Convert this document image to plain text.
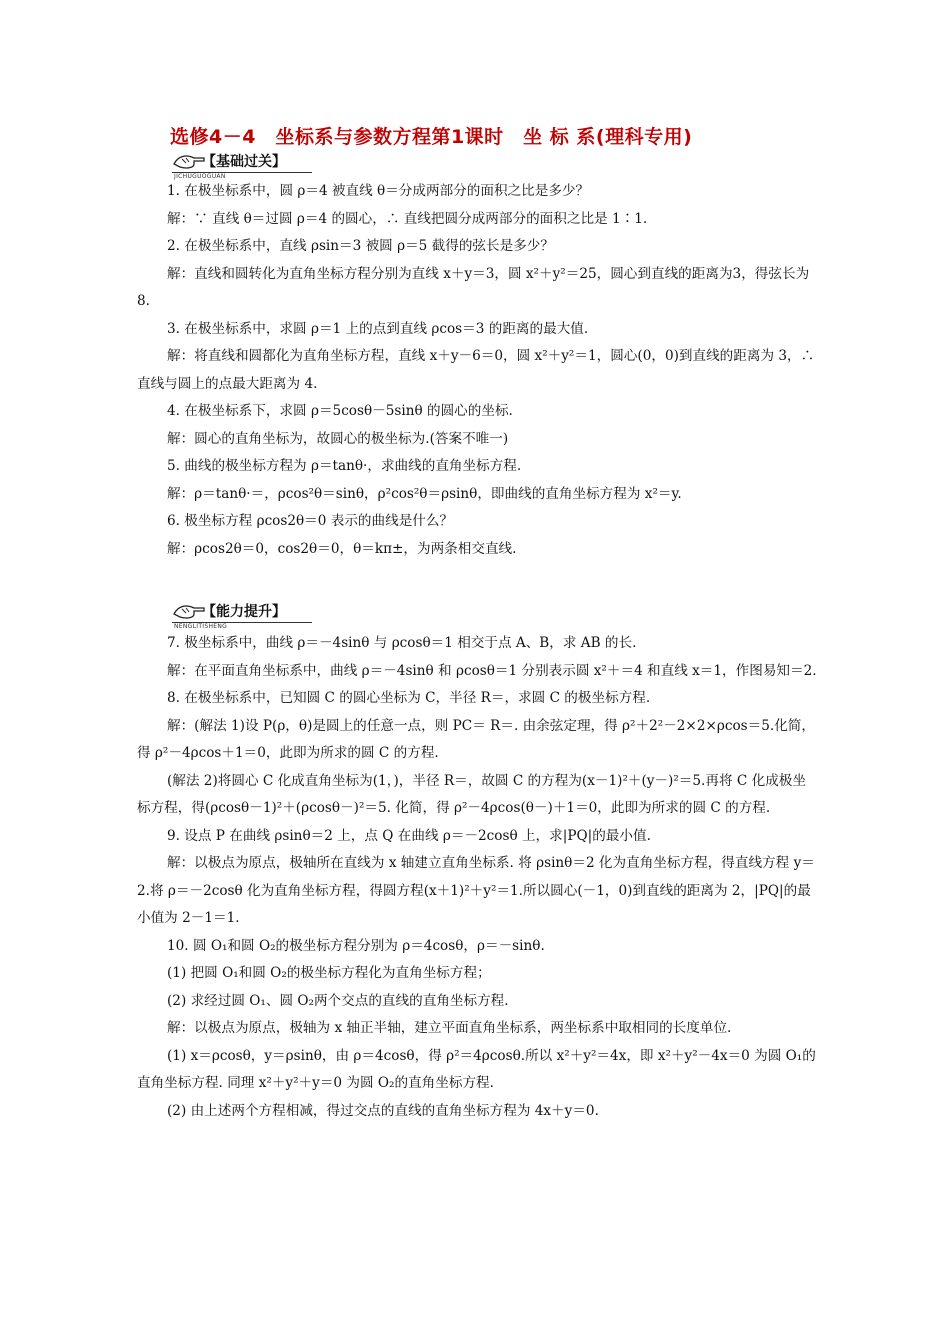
选修4－4　坐标系与参数方程第1课时　坐 标 系(理科专用)
【基础过关】
JICHUGUOGUAN

1. 在极坐标系中，圆 ρ＝4 被直线 θ＝分成两部分的面积之比是多少？

解：∵ 直线 θ＝过圆 ρ＝4 的圆心，∴ 直线把圆分成两部分的面积之比是 1∶1.

2. 在极坐标系中，直线 ρsin＝3 被圆 ρ＝5 截得的弦长是多少？

解：直线和圆转化为直角坐标方程分别为直线 x＋y＝3，圆 x²＋y²＝25，圆心到直线的距离为3，得弦长为8.

3. 在极坐标系中，求圆 ρ＝1 上的点到直线 ρcos＝3 的距离的最大值.

解：将直线和圆都化为直角坐标方程，直线 x＋y－6＝0，圆 x²＋y²＝1，圆心(0，0)到直线的距离为 3，∴ 直线与圆上的点最大距离为 4.

4. 在极坐标系下，求圆 ρ＝5cosθ－5sinθ 的圆心的坐标.

解：圆心的直角坐标为，故圆心的极坐标为.(答案不唯一)

5. 曲线的极坐标方程为 ρ＝tanθ·，求曲线的直角坐标方程.

解：ρ＝tanθ·＝，ρcos²θ＝sinθ，ρ²cos²θ＝ρsinθ，即曲线的直角坐标方程为 x²＝y.

6. 极坐标方程 ρcos2θ＝0 表示的曲线是什么？

解：ρcos2θ＝0，cos2θ＝0，θ＝kπ±，为两条相交直线.

【能力提升】
NENGLITISHENG

7. 极坐标系中，曲线 ρ＝－4sinθ 与 ρcosθ＝1 相交于点 A、B，求 AB 的长.

解：在平面直角坐标系中，曲线 ρ＝－4sinθ 和 ρcosθ＝1 分别表示圆 x²＋＝4 和直线 x＝1，作图易知＝2.

8. 在极坐标系中，已知圆 C 的圆心坐标为 C，半径 R＝，求圆 C 的极坐标方程.

解：(解法 1)设 P(ρ，θ)是圆上的任意一点，则 PC＝ R＝. 由余弦定理，得 ρ²＋2²－2×2×ρcos＝5.化简，得 ρ²－4ρcos＋1＝0，此即为所求的圆 C 的方程.

(解法 2)将圆心 C 化成直角坐标为(1，)，半径 R＝，故圆 C 的方程为(x－1)²＋(y－)²＝5.再将 C 化成极坐标方程，得(ρcosθ－1)²＋(ρcosθ－)²＝5. 化简，得 ρ²－4ρcos(θ－)＋1＝0，此即为所求的圆 C 的方程.

9. 设点 P 在曲线 ρsinθ＝2 上，点 Q 在曲线 ρ＝－2cosθ 上，求|PQ|的最小值.

解：以极点为原点，极轴所在直线为 x 轴建立直角坐标系. 将 ρsinθ＝2 化为直角坐标方程，得直线方程 y＝2.将 ρ＝－2cosθ 化为直角坐标方程，得圆方程(x＋1)²＋y²＝1.所以圆心(－1，0)到直线的距离为 2，|PQ|的最小值为 2－1＝1.

10. 圆 O₁和圆 O₂的极坐标方程分别为 ρ＝4cosθ，ρ＝－sinθ.

(1) 把圆 O₁和圆 O₂的极坐标方程化为直角坐标方程；

(2) 求经过圆 O₁、圆 O₂两个交点的直线的直角坐标方程.

解：以极点为原点，极轴为 x 轴正半轴，建立平面直角坐标系，两坐标系中取相同的长度单位.

(1) x＝ρcosθ，y＝ρsinθ，由 ρ＝4cosθ，得 ρ²＝4ρcosθ.所以 x²＋y²＝4x，即 x²＋y²－4x＝0 为圆 O₁的直角坐标方程. 同理 x²＋y²＋y＝0 为圆 O₂的直角坐标方程.

(2) 由上述两个方程相减，得过交点的直线的直角坐标方程为 4x＋y＝0.
